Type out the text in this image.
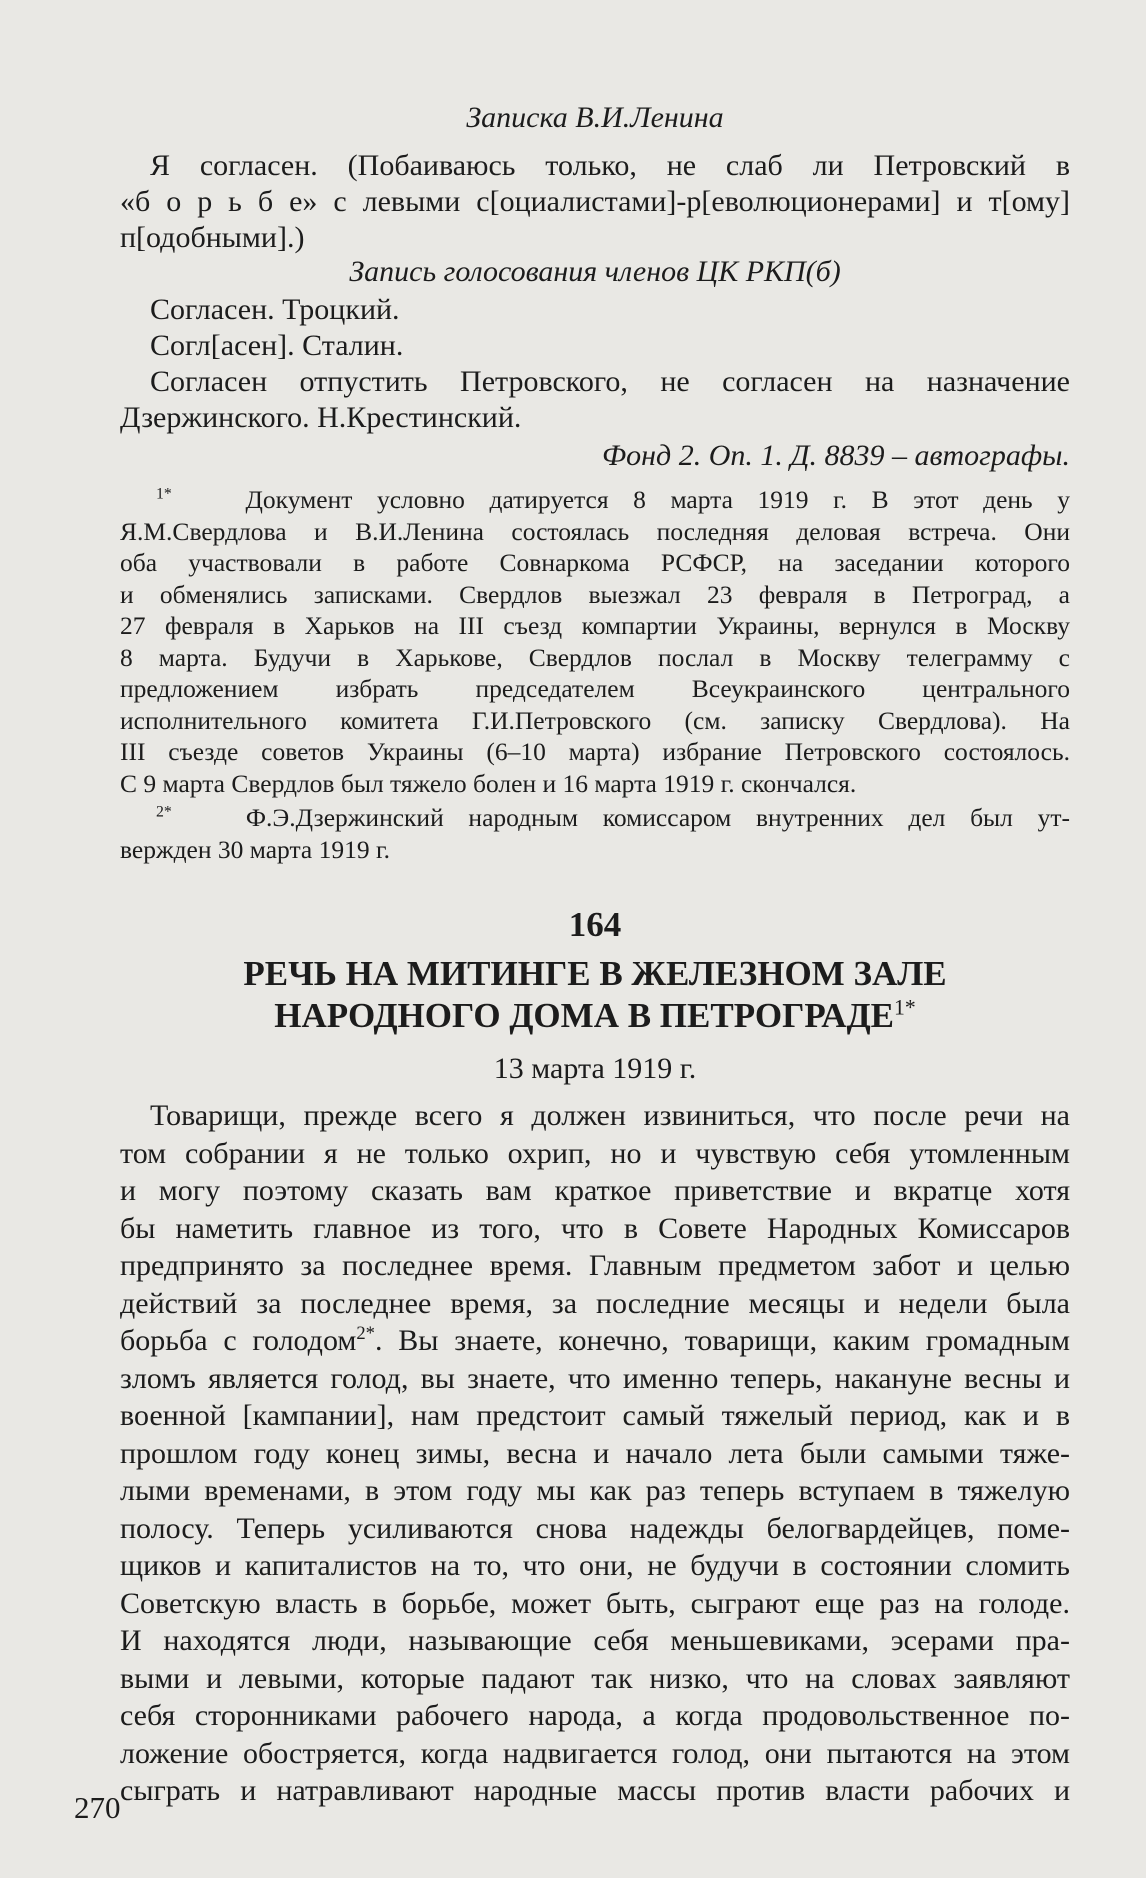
Записка В.И.Ленина

Я согласен. (Побаиваюсь только, не слаб ли Петровский в

«б о р ь б е» с левыми с[оциалистами]-р[еволюционерами] и т[ому]

п[одобными].)

Запись голосования членов ЦК РКП(б)

Согласен. Троцкий.

Согл[асен]. Сталин.

Согласен отпустить Петровского, не согласен на назначение

Дзержинского. Н.Крестинский.

Фонд 2. Оп. 1. Д. 8839 – автографы.

$^{1*}$	Документ условно датируется 8 марта 1919 г. В этот день у

Я.М.Свердлова и В.И.Ленина состоялась последняя деловая встреча. Они

оба участвовали в работе Совнаркома РСФСР, на заседании которого

и обменялись записками. Свердлов выезжал 23 февраля в Петроград, а

27 февраля в Харьков на III съезд компартии Украины, вернулся в Москву

8 марта. Будучи в Харькове, Свердлов послал в Москву телеграмму с

предложением избрать председателем Всеукраинского центрального

исполнительного комитета Г.И.Петровского (см. записку Свердлова). На

III съезде советов Украины (6–10 марта) избрание Петровского состоялось.

С 9 марта Свердлов был тяжело болен и 16 марта 1919 г. скончался.

$^{2*}$	Ф.Э.Дзержинский народным комиссаром внутренних дел был ут-

вержден 30 марта 1919 г.

164

РЕЧЬ НА МИТИНГЕ В ЖЕЛЕЗНОМ ЗАЛЕ

НАРОДНОГО ДОМА В $ПЕТРОГРАДЕ^{1*}$

13 марта 1919 г.

Товарищи, прежде всего я должен извиниться, что после речи на

том собрании я не только охрип, но и чувствую себя утомленным

и могу поэтому сказать вам краткое приветствие и вкратце хотя

бы наметить главное из того, что в Совете Народных Комиссаров

предпринято за последнее время. Главным предметом забот и целью

действий за последнее время, за последние месяцы и недели была

борьба с голодом$^{2*}$. Вы знаете, конечно, товарищи, каким громадным

зломъ является голод, вы знаете, что именно теперь, накануне весны и

военной [кампании], нам предстоит самый тяжелый период, как и в

прошлом году конец зимы, весна и начало лета были самыми тяже-

лыми временами, в этом году мы как раз теперь вступаем в тяжелую

полосу. Теперь усиливаются снова надежды белогвардейцев, поме-

щиков и капиталистов на то, что они, не будучи в состоянии сломить

Советскую власть в борьбе, может быть, сыграют еще раз на голоде.

И находятся люди, называющие себя меньшевиками, эсерами пра-

выми и левыми, которые падают так низко, что на словах заявляют

себя сторонниками рабочего народа, а когда продовольственное по-

ложение обостряется, когда надвигается голод, они пытаются на этом

сыграть и натравливают народные массы против власти рабочих и

270
